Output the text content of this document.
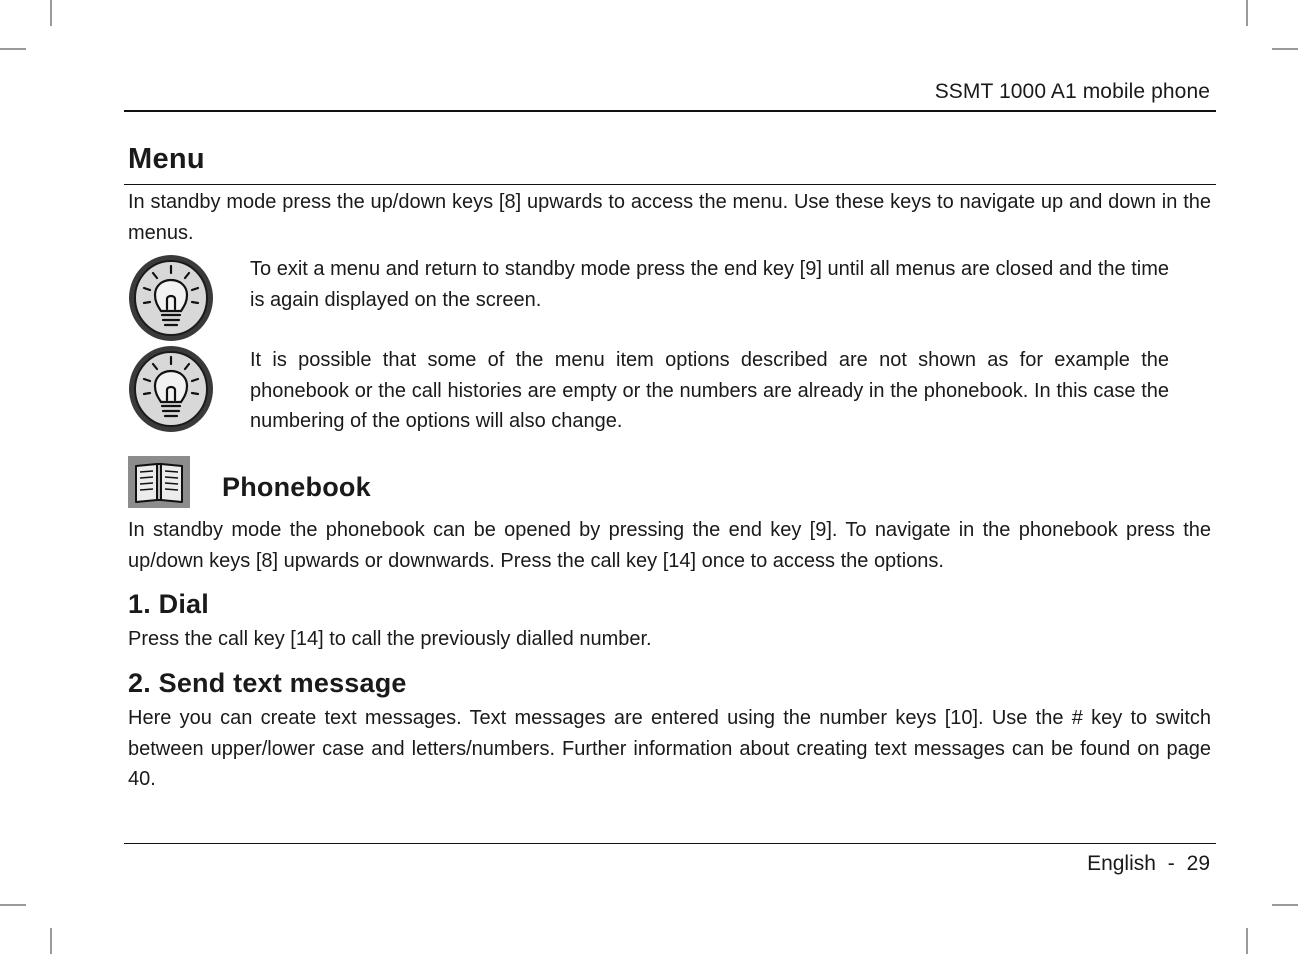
SSMT 1000 A1 mobile phone
Menu
In standby mode press the up/down keys [8] upwards to access the menu. Use these keys to navigate up and down in the menus.
To exit a menu and return to standby mode press the end key [9] until all menus are closed and the time is again displayed on the screen.
It is possible that some of the menu item options described are not shown as for example the phonebook or the call histories are empty or the numbers are already in the phonebook. In this case the numbering of the options will also change.
Phonebook
In standby mode the phonebook can be opened by pressing the end key [9]. To navigate in the phonebook press the up/down keys [8] upwards or downwards. Press the call key [14] once to access the options.
1. Dial
Press the call key [14] to call the previously dialled number.
2. Send text message
Here you can create text messages. Text messages are entered using the number keys [10]. Use the # key to switch between upper/lower case and letters/numbers. Further information about creating text messages can be found on page 40.
English - 29
